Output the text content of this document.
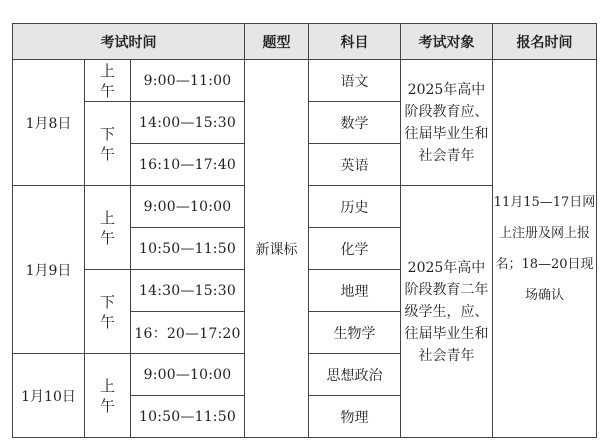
考试时间			题型	科目	考试对象	报名时间
1月8日	上午	9:00—11:00	新课标	语文	2025年高中阶段教育应、往届毕业生和社会青年	11月15—17日网上注册及网上报名；18—20日现场确认
	下午	14:00—15:30		数学		
		16:10—17:40		英语		
1月9日	上午	9:00—10:00		历史	2025年高中阶段教育二年级学生，应、往届毕业生和社会青年	
		10:50—11:50		化学		
	下午	14:30—15:30		地理		
		16：20—17:20		生物学		
1月10日	上午	9:00—10:00		思想政治		
		10:50—11:50		物理		
